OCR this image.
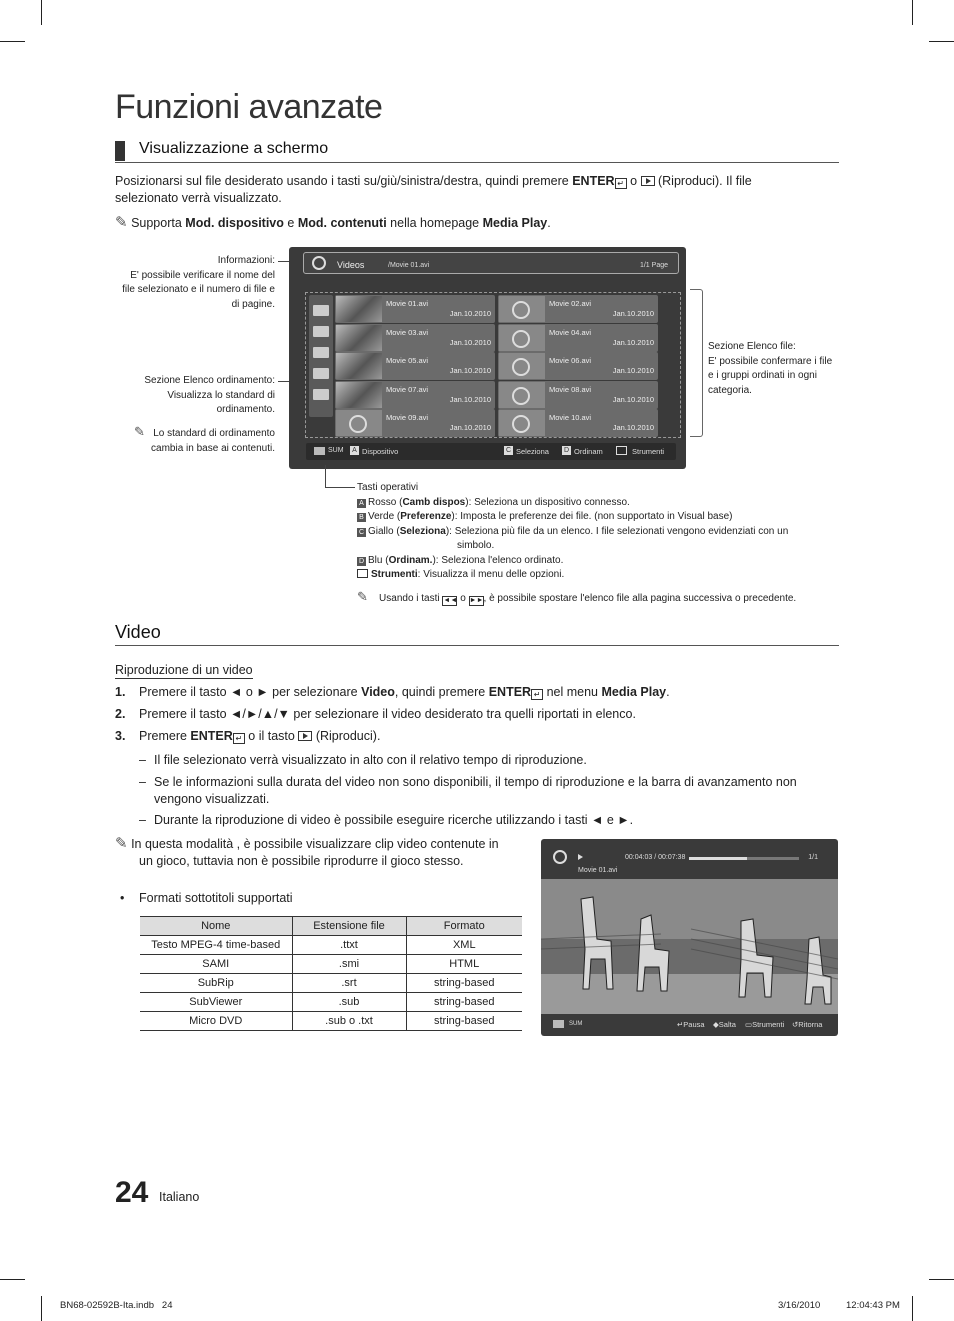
Funzioni avanzate
Visualizzazione a schermo
Posizionarsi sul file desiderato usando i tasti su/giù/sinistra/destra, quindi premere ENTER ↵ o (Riproduci). Il file
selezionato verrà visualizzato.
✎ Supporta Mod. dispositivo e Mod. contenuti nella homepage Media Play.
Informazioni:
E' possibile verificare il nome del
file selezionato e il numero di file e
di pagine.
Sezione Elenco ordinamento:
Visualizza lo standard di
ordinamento.
✎ Lo standard di ordinamento
cambia in base ai contenuti.
Sezione Elenco file:
E' possibile confermare i file
e i gruppi ordinati in ogni
categoria.
Videos	/Movie 01.avi	1/1 Page
Movie 01.avi
Jan.10.2010
Movie 02.avi
Jan.10.2010
Movie 03.avi
Jan.10.2010
Movie 04.avi
Jan.10.2010
Movie 05.avi
Jan.10.2010
Movie 06.avi
Jan.10.2010
Movie 07.avi
Jan.10.2010
Movie 08.avi
Jan.10.2010
Movie 09.avi
Jan.10.2010
Movie 10.avi
Jan.10.2010
SUM	A Dispositivo	C Seleziona D Ordinam	Strumenti
Tasti operativi
A Rosso (Camb dispos): Seleziona un dispositivo connesso.
B Verde (Preferenze): Imposta le preferenze dei file. (non supportato in Visual base)
C Giallo (Seleziona): Seleziona più file da un elenco. I file selezionati vengono evidenziati con un
simbolo.
D Blu (Ordinam.): Seleziona l'elenco ordinato.
Strumenti: Visualizza il menu delle opzioni.
✎ Usando i tasti ◄◄ o ►►, è possibile spostare l'elenco file alla pagina successiva o precedente.
Video
Riproduzione di un video
1. Premere il tasto ◄ o ► per selezionare Video, quindi premere ENTER ↵ nel menu Media Play.
2. Premere il tasto ◄/►/▲/▼ per selezionare il video desiderato tra quelli riportati in elenco.
3. Premere ENTER ↵ o il tasto (Riproduci).
– Il file selezionato verrà visualizzato in alto con il relativo tempo di riproduzione.
– Se le informazioni sulla durata del video non sono disponibili, il tempo di riproduzione e la barra di avanzamento non
vengono visualizzati.
– Durante la riproduzione di video è possibile eseguire ricerche utilizzando i tasti ◄ e ►.
✎ In questa modalità , è possibile visualizzare clip video contenute in
un gioco, tuttavia non è possibile riprodurre il gioco stesso.
• Formati sottotitoli supportati
Nome	Estensione file	Formato
Testo MPEG-4 time-based	.ttxt	XML
SAMI	.smi	HTML
SubRip	.srt	string-based
SubViewer	.sub	string-based
Micro DVD	.sub o .txt	string-based
00:04:03 / 00:07:38	1/1
Movie 01.avi
SUM	↵Pausa ◆Salta ▭Strumenti ↺Ritorna
24 Italiano
BN68-02592B-Ita.indb   24	3/16/2010	12:04:43 PM
